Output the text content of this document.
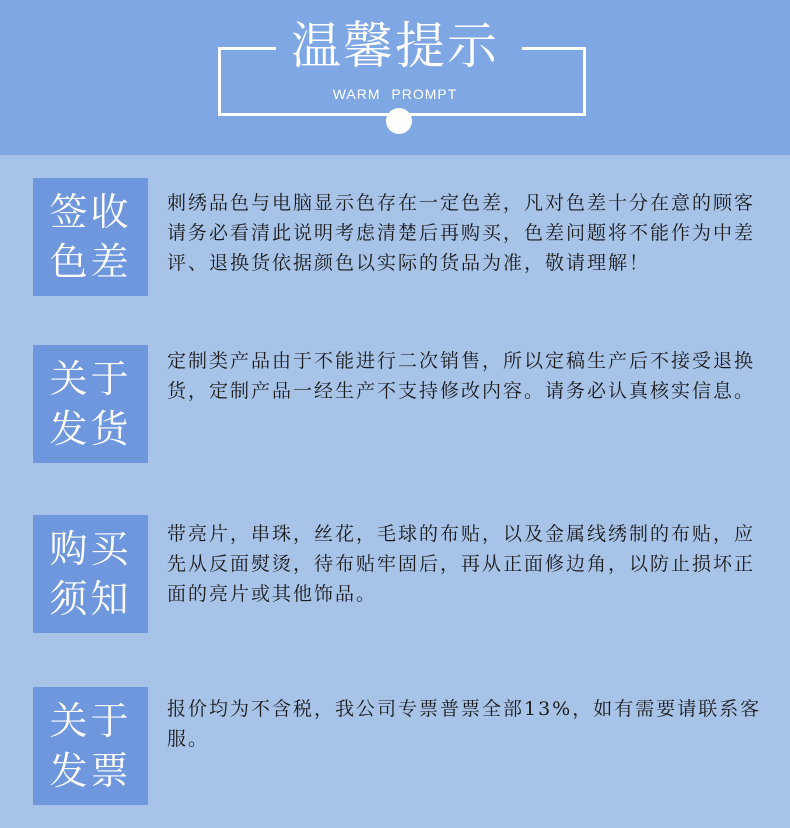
温馨提示
WARM PROMPT
签收色差
刺绣品色与电脑显示色存在一定色差，凡对色差十分在意的顾客请务必看清此说明考虑清楚后再购买，色差问题将不能作为中差评、退换货依据颜色以实际的货品为准，敬请理解！
关于发货
定制类产品由于不能进行二次销售，所以定稿生产后不接受退换货，定制产品一经生产不支持修改内容。请务必认真核实信息。
购买须知
带亮片，串珠，丝花，毛球的布贴，以及金属线绣制的布贴，应先从反面熨烫，待布贴牢固后，再从正面修边角，以防止损坏正面的亮片或其他饰品。
关于发票
报价均为不含税，我公司专票普票全部13%，如有需要请联系客服。
